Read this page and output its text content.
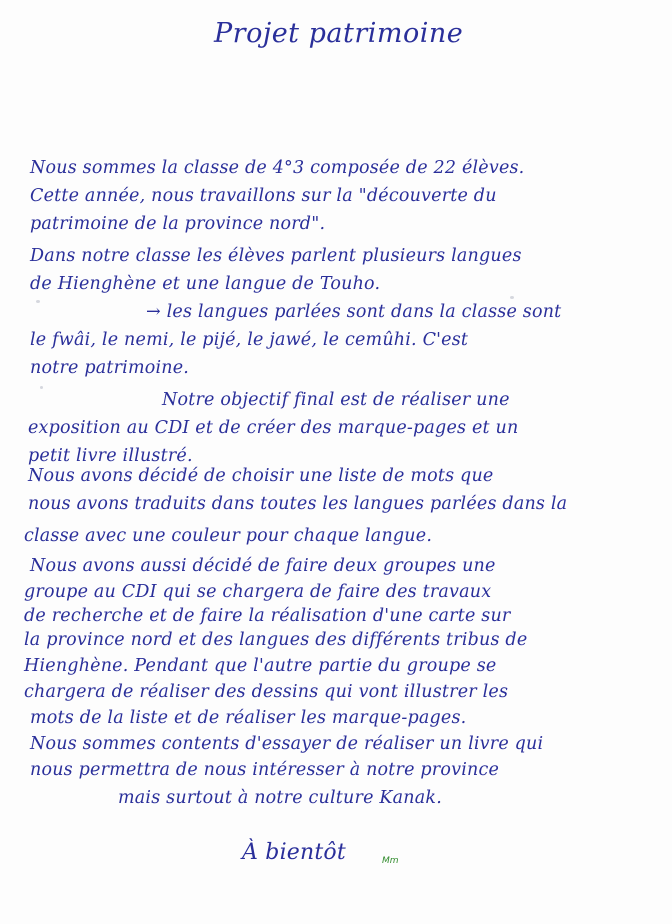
Projet patrimoine
Nous sommes la classe de 4°3 composée de 22 élèves.
Cette année, nous travaillons sur la "découverte du
patrimoine de la province nord".
Dans notre classe les élèves parlent plusieurs langues
de Hienghène et une langue de Touho.
→ les langues parlées sont dans la classe sont
le fwâi, le nemi, le pijé, le jawé, le cemûhi. C'est
notre patrimoine.
Notre objectif final est de réaliser une
exposition au CDI et de créer des marque-pages et un
petit livre illustré.
Nous avons décidé de choisir une liste de mots que
nous avons traduits dans toutes les langues parlées dans la
classe avec une couleur pour chaque langue.
Nous avons aussi décidé de faire deux groupes une
groupe au CDI qui se chargera de faire des travaux
de recherche et de faire la réalisation d'une carte sur
la province nord et des langues des différents tribus de
Hienghène. Pendant que l'autre partie du groupe se
chargera de réaliser des dessins qui vont illustrer les
mots de la liste et de réaliser les marque-pages.
Nous sommes contents d'essayer de réaliser un livre qui
nous permettra de nous intéresser à notre province
mais surtout à notre culture Kanak.
À bientôt	Mm
